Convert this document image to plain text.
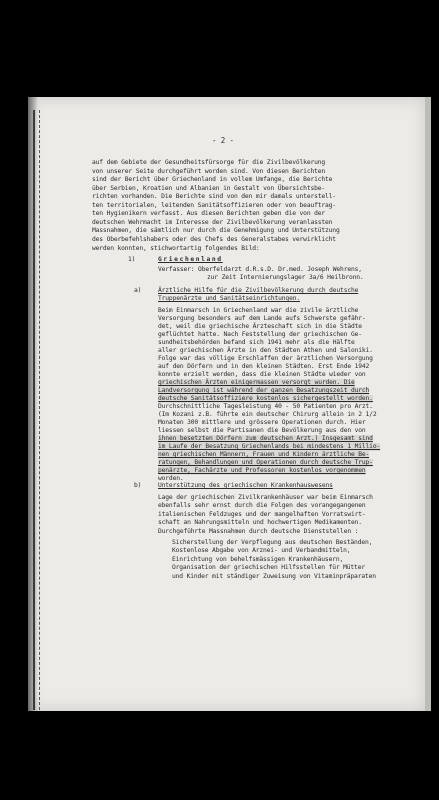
- 2 -
auf dem Gebiete der Gesundheitsfürsorge für die Zivilbevölkerung
von unserer Seite durchgeführt worden sind. Von diesen Berichten
sind der Bericht über Griechenland in vollem Umfange, die Berichte
über Serbien, Kroatien und Albanien in Gestalt von Übersichtsbe-
richten vorhanden. Die Berichte sind von den mir damals unterstell-
ten territorialen, leitenden Sanitätsoffizieren oder von beauftrag-
ten Hygienikern verfasst. Aus diesen Berichten geben die von der
deutschen Wehrmacht im Interesse der Zivilbevölkerung veranlassten
Massnahmen, die sämtlich nur durch die Genehmigung und Unterstützung
des Oberbefehlshabers oder des Chefs des Generalstabes verwirklicht
werden konnten, stichwortartig folgendes Bild:
1)	Griechenland
Verfasser: Oberfeldarzt d.R.s.D. Dr.med. Joseph Wehrens,
zur Zeit Internierungslager 3a/6 Heilbronn.
a)	Ärztliche Hilfe für die Zivilbevölkerung durch deutsche
Truppenärzte und Sanitätseinrichtungen.
Beim Einmarsch in Griechenland war die zivile ärztliche
Versorgung besonders auf dem Lande aufs Schwerste gefähr-
det, weil die griechische Ärzteschaft sich in die Städte
geflüchtet hatte. Nach Feststellung der griechischen Ge-
sundheitsbehörden befand sich 1941 mehr als die Hälfte
aller griechischen Ärzte in den Städten Athen und Saloniki.
Folge war das völlige Erschlaffen der ärztlichen Versorgung
auf den Dörfern und in den kleinen Städten. Erst Ende 1942
konnte erzielt werden, dass die kleinen Städte wieder von
griechischen Ärzten einigermassen versorgt wurden. Die
Landversorgung ist während der ganzen Besatzungszeit durch
deutsche Sanitätsoffiziere kostenlos sichergestellt worden.
Durchschnittliche Tagesleistung 40 - 50 Patienten pro Arzt.
(Im Kozani z.B. führte ein deutscher Chirurg allein in 2 1/2
Monaten 300 mittlere und grössere Operationen durch. Hier
liessen selbst die Partisanen die Bevölkerung aus den von
ihnen besetzten Dörfern zum deutschen Arzt.) Insgesamt sind
im Laufe der Besatzung Griechenlands bei mindestens 1 Millio-
nen griechischen Männern, Frauen und Kindern ärztliche Be-
ratungen, Behandlungen und Operationen durch deutsche Trup-
penärzte, Fachärzte und Professoren kostenlos vorgenommen
worden.
b)	Unterstützung des griechischen Krankenhauswesens
Lage der griechischen Zivilkrankenhäuser war beim Einmarsch
ebenfalls sehr ernst durch die Folgen des vorangegangenen
italienischen Feldzuges und der mangelhaften Vorratswirt-
schaft an Nahrungsmitteln und hochwertigen Medikamenten.
Durchgeführte Massnahmen durch deutsche Dienststellen :
Sicherstellung der Verpflegung aus deutschen Beständen,
Kostenlose Abgabe von Arznei- und Verbandmitteln,
Einrichtung von behelfsmässigen Krankenhäusern,
Organisation der griechischen Hilfsstellen für Mütter
und Kinder mit ständiger Zuweisung von Vitaminpräparaten
